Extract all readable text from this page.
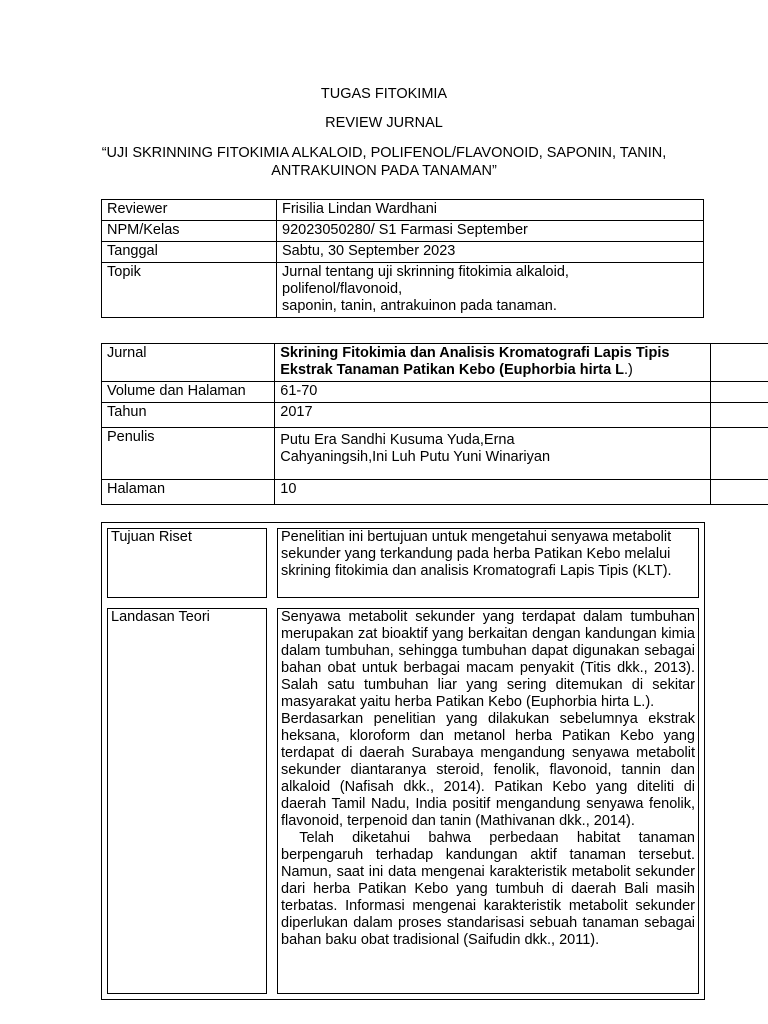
TUGAS FITOKIMIA
REVIEW JURNAL
“UJI SKRINNING FITOKIMIA ALKALOID, POLIFENOL/FLAVONOID, SAPONIN, TANIN, ANTRAKUINON PADA TANAMAN”
Reviewer	Frisilia Lindan Wardhani
NPM/Kelas	92023050280/ S1 Farmasi September
Tanggal	Sabtu, 30 September 2023
Topik	Jurnal tentang uji skrinning fitokimia alkaloid,
polifenol/flavonoid,
saponin, tanin, antrakuinon pada tanaman.
Jurnal	Skrining Fitokimia dan Analisis Kromatografi Lapis Tipis Ekstrak Tanaman Patikan Kebo (Euphorbia hirta L.)	
Volume dan Halaman	61-70	
Tahun	2017	
Penulis	Putu Era Sandhi Kusuma Yuda,Erna
Cahyaningsih,Ini Luh Putu Yuni Winariyan	

Halaman	10	
Tujuan Riset	Penelitian ini bertujuan untuk mengetahui senyawa metabolit sekunder yang terkandung pada herba Patikan Kebo melalui skrining fitokimia dan analisis Kromatografi Lapis Tipis (KLT).

Landasan Teori	Senyawa metabolit sekunder yang terdapat dalam tumbuhan merupakan zat bioaktif yang berkaitan dengan kandungan kimia dalam tumbuhan, sehingga tumbuhan dapat digunakan sebagai bahan obat untuk berbagai macam penyakit (Titis dkk., 2013). Salah satu tumbuhan liar yang sering ditemukan di sekitar masyarakat yaitu herba Patikan Kebo (Euphorbia hirta L.).
Berdasarkan penelitian yang dilakukan sebelumnya ekstrak heksana, kloroform dan metanol herba Patikan Kebo yang terdapat di daerah Surabaya mengandung senyawa metabolit sekunder diantaranya steroid, fenolik, flavonoid, tannin dan alkaloid (Nafisah dkk., 2014). Patikan Kebo yang diteliti di daerah Tamil Nadu, India positif mengandung senyawa fenolik, flavonoid, terpenoid dan tanin (Mathivanan dkk., 2014).
Telah diketahui bahwa perbedaan habitat tanaman berpengaruh terhadap kandungan aktif tanaman tersebut. Namun, saat ini data mengenai karakteristik metabolit sekunder dari herba Patikan Kebo yang tumbuh di daerah Bali masih terbatas. Informasi mengenai karakteristik metabolit sekunder diperlukan dalam proses standarisasi sebuah tanaman sebagai bahan baku obat tradisional (Saifudin dkk., 2011).
